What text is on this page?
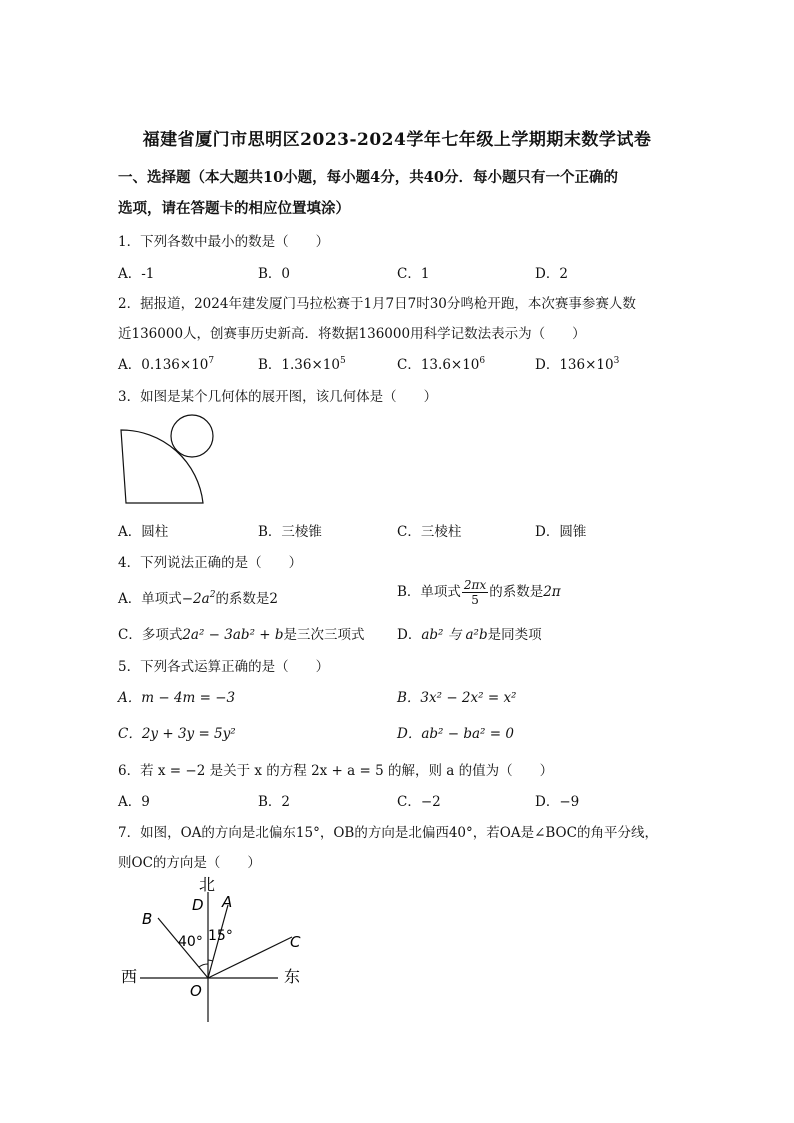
福建省厦门市思明区2023-2024学年七年级上学期期末数学试卷
一、选择题（本大题共10小题，每小题4分，共40分．每小题只有一个正确的
选项，请在答题卡的相应位置填涂）
1．下列各数中最小的数是（　　）
A．-1	B．0	C．1	D．2
2．据报道，2024年建发厦门马拉松赛于1月7日7时30分鸣枪开跑，本次赛事参赛人数
近136000人，创赛事历史新高．将数据136000用科学记数法表示为（　　）
A．$0.136\times 10^7$	B．$1.36\times 10^5$	C．$13.6\times 10^6$	D．$136\times 10^3$
3．如图是某个几何体的展开图，该几何体是（　　）
A．圆柱	B．三棱锥	C．三棱柱	D．圆锥
4．下列说法正确的是（　　）
A．单项式$-2a^2$的系数是2	B．单项式 $\frac{2\pi x}{5}$ 的系数是2π
C．多项式2a² − 3ab² + b是三次三项式 D．ab² 与 a²b是同类项
5．下列各式运算正确的是（　　）
A．m − 4m = −3	B．3x² − 2x² = x²
C．2y + 3y = 5y²	D．ab² − ba² = 0
6．若 x = −2 是关于 x 的方程 2x + a = 5 的解，则 a 的值为（　　）
A．9	B．2	C．−2	D．−9
7．如图，OA的方向是北偏东15°，OB的方向是北偏西40°，若OA是∠BOC的角平分线，
则OC的方向是（　　）
北
D A
B
C
40° 15°
西	东
O
